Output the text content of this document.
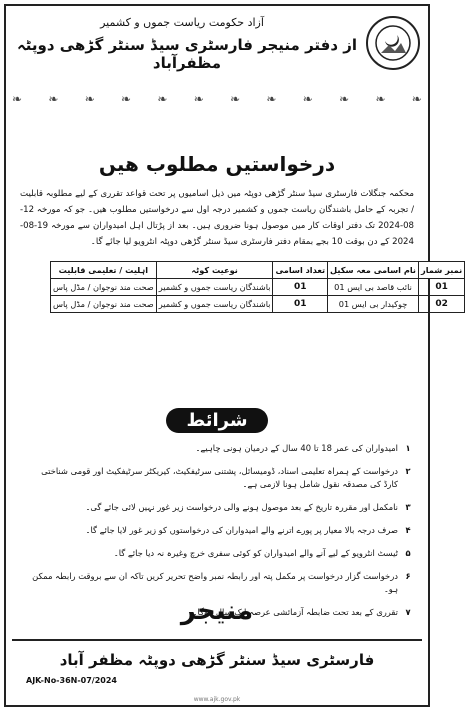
آزاد حکومت ریاست جموں و کشمیر
از دفتر منیجر فارسٹری سیڈ سنٹر گڑھی دوپٹہ مظفرآباد
❧ ❧ ❧ ❧ ❧ ❧ ❧ ❧ ❧ ❧ ❧ ❧
درخواستیں مطلوب ھیں
محکمہ جنگلات فارسٹری سیڈ سنٹر گڑھی دوپٹہ میں ذیل اسامیوں پر تحت قواعد تقرری کے لیے مطلوبہ قابلیت / تجربہ کے حامل باشندگان ریاست جموں و کشمیر درجہ اول سے درخواستیں مطلوب ھیں۔ جو کہ مورخہ 12-08-2024 تک دفتر اوقات کار میں موصول ہونا ضروری ہیں۔ بعد از پڑتال اہل امیدواران سے مورخہ 19-08-2024 کے دن بوقت 10 بجے بمقام دفتر فارسٹری سیڈ سنٹر گڑھی دوپٹہ انٹرویو لیا جائے گا۔
نمبر شمار	نام اسامی معہ سکیل	تعداد اسامی	نوعیت کوٹہ	اہلیت / تعلیمی قابلیت
01	نائب قاصد بی ایس 01	01	باشندگان ریاست جموں و کشمیر	صحت مند نوجوان / مڈل پاس
02	چوکیدار بی ایس 01	01	باشندگان ریاست جموں و کشمیر	صحت مند نوجوان / مڈل پاس
شرائط
۱
امیدواران کی عمر 18 تا 40 سال کے درمیان ہونی چاہیے۔
۲
درخواست کے ہمراہ تعلیمی اسناد، ڈومیسائل، پشتنی سرٹیفکیٹ، کیریکٹر سرٹیفکیٹ اور قومی شناختی کارڈ کی مصدقہ نقول شامل ہونا لازمی ہے۔
۳
نامکمل اور مقررہ تاریخ کے بعد موصول ہونے والی درخواست زیر غور نہیں لائی جائے گی۔
۴
صرف درجہ بالا معیار پر پورے اترنے والے امیدواران کی درخواستوں کو زیر غور لایا جائے گا۔
۵
ٹیسٹ انٹرویو کے لیے آنے والے امیدواران کو کوئی سفری خرچ وغیرہ نہ دیا جائے گا۔
۶
درخواست گزار درخواست پر مکمل پتہ اور رابطہ نمبر واضح تحریر کریں تاکہ ان سے بروقت رابطہ ممکن ہو۔
۷
تقرری کے بعد تحت ضابطہ آزمائشی عرصہ ایک سال ہوگا۔
منیجر
فارسٹری سیڈ سنٹر گڑھی دوپٹہ مظفر آباد
AJK-No-36N-07/2024
www.ajk.gov.pk
